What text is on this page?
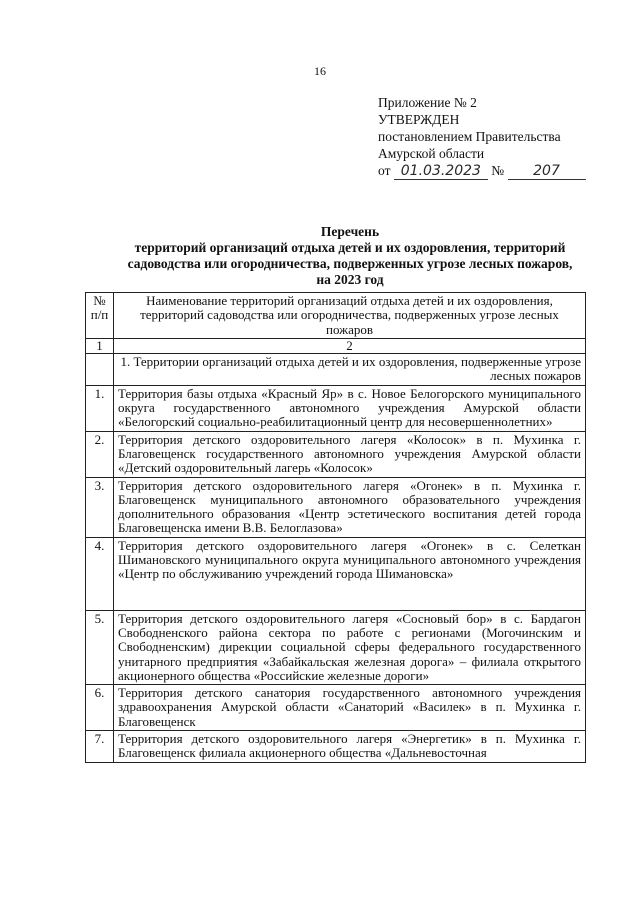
16
Приложение № 2
УТВЕРЖДЕН
постановлением Правительства
Амурской области
от 01.03.2023 № 207
Перечень
территорий организаций отдыха детей и их оздоровления, территорий
садоводства или огородничества, подверженных угрозе лесных пожаров,
на 2023 год
№ п/п	Наименование территорий организаций отдыха детей и их оздоровления, территорий садоводства или огородничества, подверженных угрозе лесных пожаров
1	2
	1. Территории организаций отдыха детей и их оздоровления, подверженные угрозе лесных пожаров
1.	Территория базы отдыха «Красный Яр» в с. Новое Белогорского муниципального округа государственного автономного учреждения Амурской области «Белогорский социально-реабилитационный центр для несовершеннолетних»
2.	Территория детского оздоровительного лагеря «Колосок» в п. Мухинка г. Благовещенск государственного автономного учреждения Амурской области «Детский оздоровительный лагерь «Колосок»
3.	Территория детского оздоровительного лагеря «Огонек» в п. Мухинка г. Благовещенск муниципального автономного образовательного учреждения дополнительного образования «Центр эстетического воспитания детей города Благовещенска имени В.В. Белоглазова»
4.	Территория детского оздоровительного лагеря «Огонек» в с. Селеткан Шимановского муниципального округа муниципального автономного учреждения «Центр по обслуживанию учреждений города Шимановска»
5.	Территория детского оздоровительного лагеря «Сосновый бор» в с. Бардагон Свободненского района сектора по работе с регионами (Могочинским и Свободненским) дирекции социальной сферы федерального государственного унитарного предприятия «Забайкальская железная дорога» – филиала открытого акционерного общества «Российские железные дороги»
6.	Территория детского санатория государственного автономного учреждения здравоохранения Амурской области «Санаторий «Василек» в п. Мухинка г. Благовещенск
7.	Территория детского оздоровительного лагеря «Энергетик» в п. Мухинка г. Благовещенск филиала акционерного общества «Дальневосточная
